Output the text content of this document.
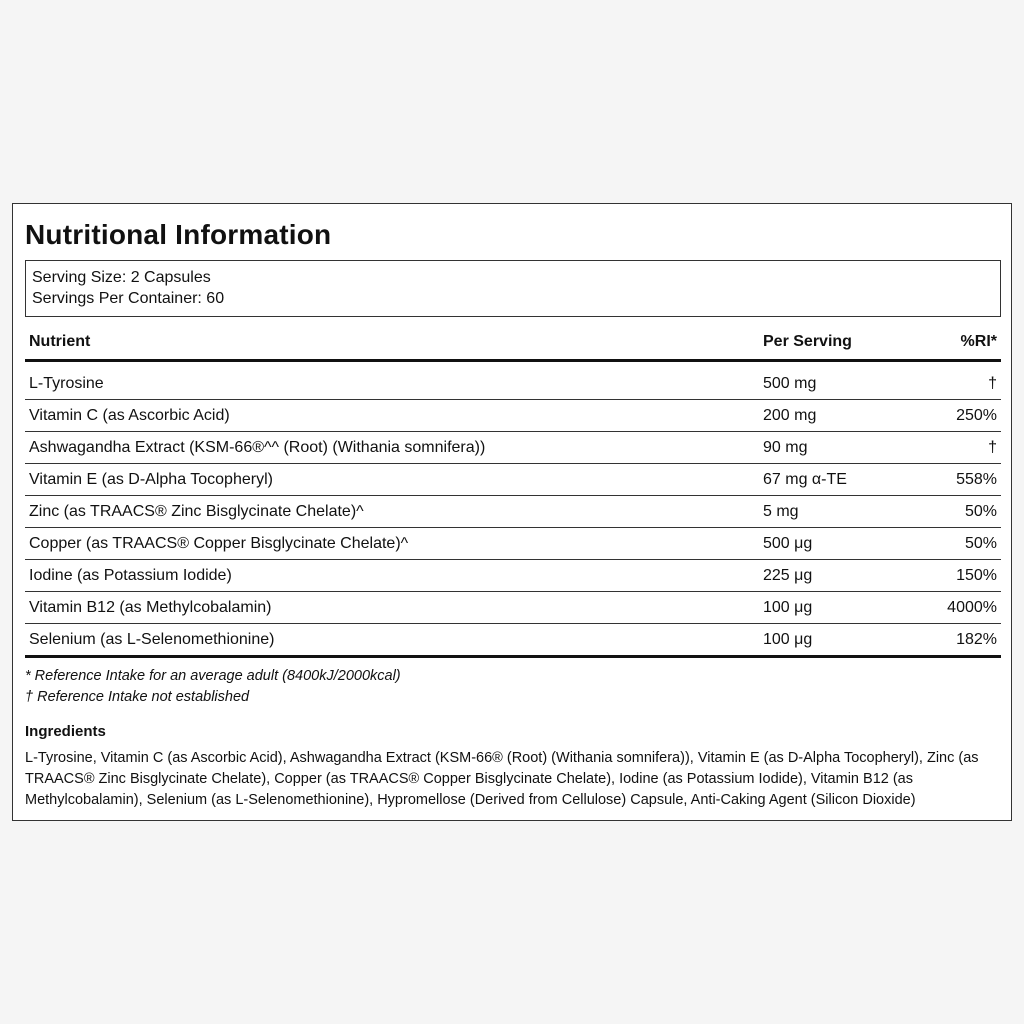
Nutritional Information
Serving Size: 2 Capsules
Servings Per Container: 60
Nutrient	Per Serving	%RI*
L-Tyrosine	500 mg	†
Vitamin C (as Ascorbic Acid)	200 mg	250%
Ashwagandha Extract (KSM-66®^^ (Root) (Withania somnifera))	90 mg	†
Vitamin E (as D-Alpha Tocopheryl)	67 mg α-TE	558%
Zinc (as TRAACS® Zinc Bisglycinate Chelate)^	5 mg	50%
Copper (as TRAACS® Copper Bisglycinate Chelate)^	500 μg	50%
Iodine (as Potassium Iodide)	225 μg	150%
Vitamin B12 (as Methylcobalamin)	100 μg	4000%
Selenium (as L-Selenomethionine)	100 μg	182%
* Reference Intake for an average adult (8400kJ/2000kcal)
† Reference Intake not established
Ingredients
L-Tyrosine, Vitamin C (as Ascorbic Acid), Ashwagandha Extract (KSM-66® (Root) (Withania somnifera)), Vitamin E (as D-Alpha Tocopheryl), Zinc (as TRAACS® Zinc Bisglycinate Chelate), Copper (as TRAACS® Copper Bisglycinate Chelate), Iodine (as Potassium Iodide), Vitamin B12 (as Methylcobalamin), Selenium (as L-Selenomethionine), Hypromellose (Derived from Cellulose) Capsule, Anti-Caking Agent (Silicon Dioxide)
